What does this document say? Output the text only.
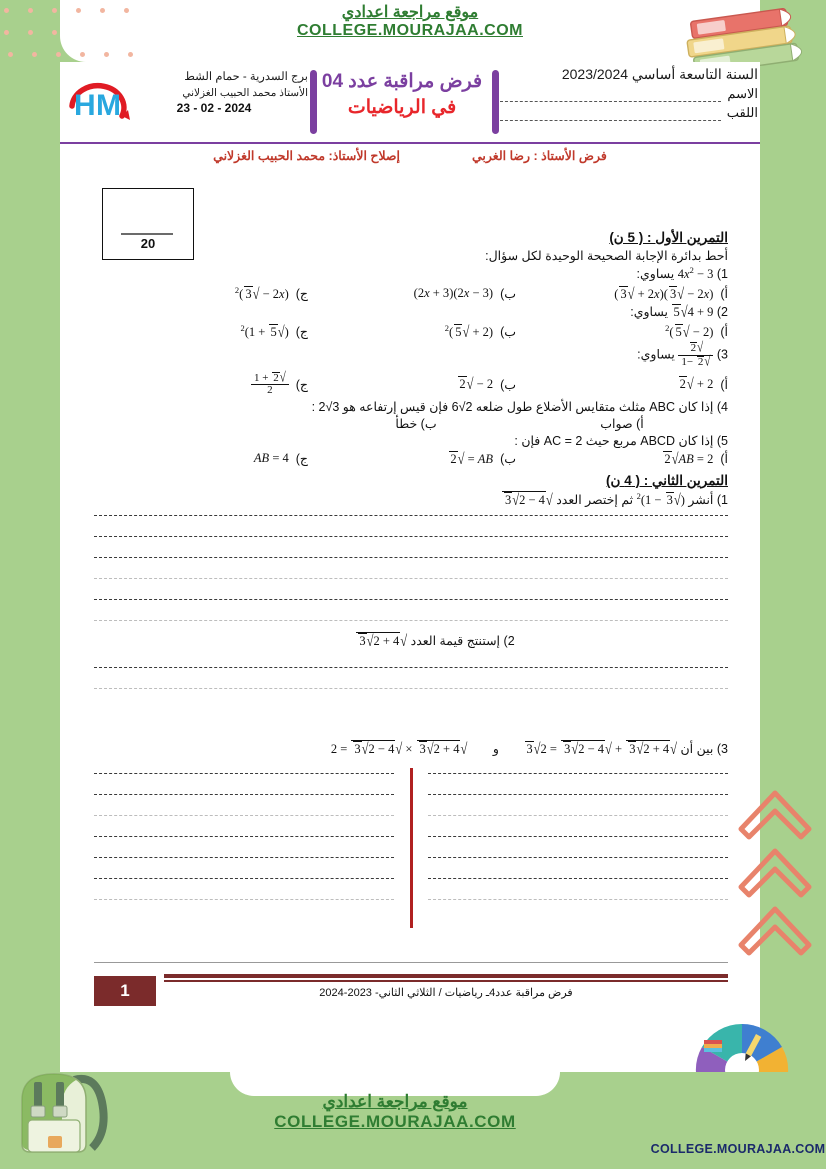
موقع مراجعة اعدادي
COLLEGE.MOURAJAA.COM
H M
برج السدرية - حمام الشط
الأستاذ محمد الحبيب الغزلاني
23 - 02 - 2024
فرض مراقبة عدد 04
في الرياضيات
السنة التاسعة أساسي 2023/2024
الاسم
اللقب
فرض الأستاذ : رضا الغربي
إصلاح الأستاذ: محمد الحبيب الغزلاني
20	التمرين الأول : ( 5 ن)
أحط بدائرة الإجابة الصحيحة الوحيدة لكل سؤال:
1) $4x^2 - 3$ يساوي:
أ)
(2x − √3)(2x + √3)
ب)
(2x − 3)(2x + 3)
ج)
$(2x - √3)^2$
2) 9 + 4√5 يساوي:
أ)
$(2 - √5)^2$
ب)
$(2 + √5)^2$
ج)
$(√5 + 1)^2$
3)
$\frac{√2}{√2 -1}$
يساوي:
أ)
2 + √2
ب)
2 − √2
ج)
$\frac{√2 + 1}{2}$
4) إذا كان ABC مثلث متقايس الأضلاع طول ضلعه 2√6 فإن قيس إرتفاعه هو 3√2 :
أ) صواب
ب) خطأ
5) إذا كان ABCD مربع حيث AC = 2 فإن :
أ)
AB = 2√2
ب)
AB = √2
ج)
AB = 4
التمرين الثاني : ( 4 ن)
1) أنشر $(√3 - 1)^2$ ثم إختصر العدد √4 − 2√3
2) إستنتج قيمة العدد √4 + 2√3
3) بين أن √4 + 2√3 + √4 − 2√3 = 2√3 و √4 + 2√3 × √4 − 2√3 = 2
1	فرض مراقبة عدد4ـ رياضيات / الثلاثي الثاني- 2023-2024
موقع مراجعة اعدادي
COLLEGE.MOURAJAA.COM
COLLEGE.MOURAJAA.COM
